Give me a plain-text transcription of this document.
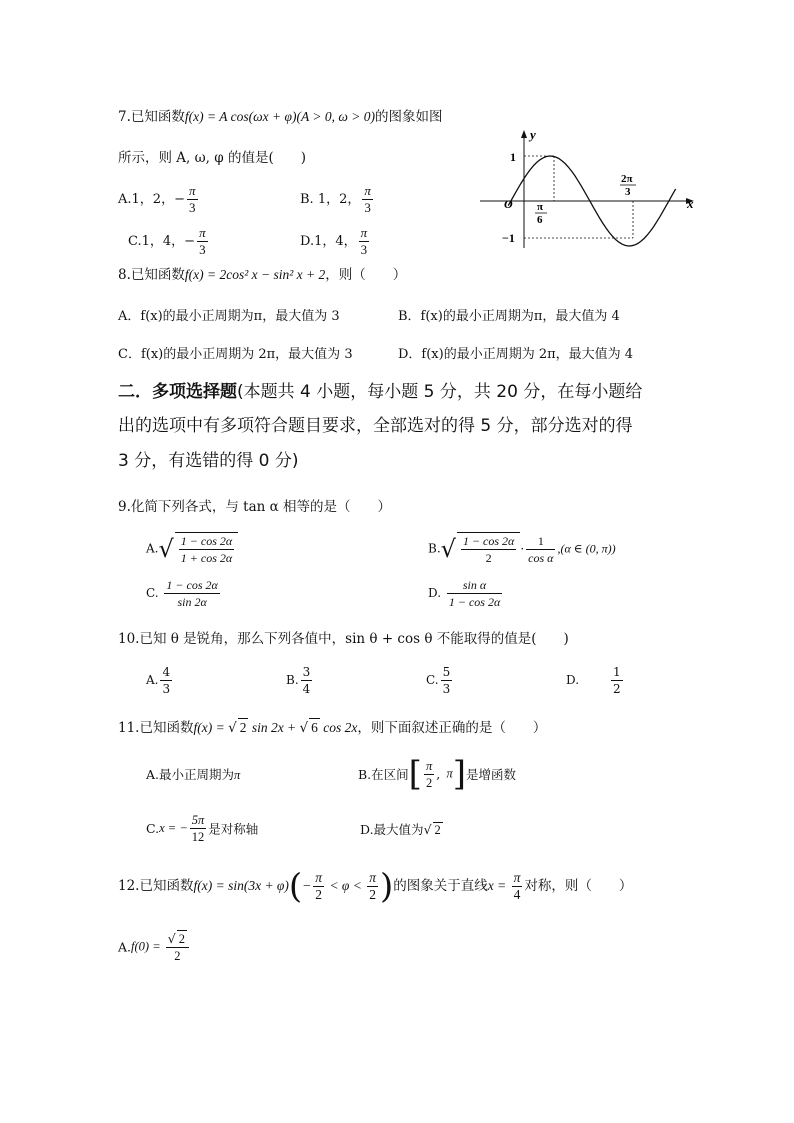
7.已知函数f(x) = A cos(ωx + φ)(A > 0, ω > 0)的图象如图
所示，则 A, ω, φ 的值是(　　)
A.1，2，− $\frac{\pi}{3}$	B. 1，2， $\frac{\pi}{3}$
C.1，4，− $\frac{\pi}{3}$	D.1，4， $\frac{\pi}{3}$
y
x
O
1
−1
π
6
2π
3
8.已知函数f(x) = 2cos² x − sin² x + 2，则（　　）
A．f(x)的最小正周期为π，最大值为 3	B．f(x)的最小正周期为π，最大值为 4
C．f(x)的最小正周期为 2π，最大值为 3	D．f(x)的最小正周期为 2π，最大值为 4
二．多项选择题(本题共 4 小题，每小题 5 分，共 20 分，在每小题给
出的选项中有多项符合题目要求，全部选对的得 5 分，部分选对的得
3 分，有选错的得 0 分)
9.化简下列各式，与 tan α 相等的是（　　）
$A.√ \frac{1 - \cos 2\alpha}{1 + \cos 2\alpha}$	$B.√ \frac{1 - \cos 2\alpha}{2} \cdot \frac{1}{\text{cos α}} ,(\alpha$ ∈ (0, π))
C. $\frac{1 - \cos 2\alpha}{\sin 2\alpha}$	D. $\frac{\text{sin α}}{1 - \cos 2\alpha}$
10.已知 θ 是锐角，那么下列各值中，sin θ + cos θ 不能取得的值是(　　)
A. $\frac{4}{3}$	B. $\frac{3}{4}$	C. $\frac{5}{3}$	D.	$\frac{1}{2}$
11.已知函数f(x) = √ 2 sin 2x + √ 6 cos 2x，则下面叙述正确的是（　　）
A.最小正周期为π	B.在区间[ $\frac{\pi}{2}$ , π]是增函数
C.x = − $\frac{5\pi}{12}$ 是对称轴	D.最大值为√ 2
12.已知函数$f(x) = \sin(3x + \varphi)(- \frac{\pi}{2} < \varphi < \frac{\pi}{2}$ )的图象关于直线$x = \frac{\pi}{4}$ 对称，则（　　）
$A.f(0) = \frac{√ 2}{2}$
